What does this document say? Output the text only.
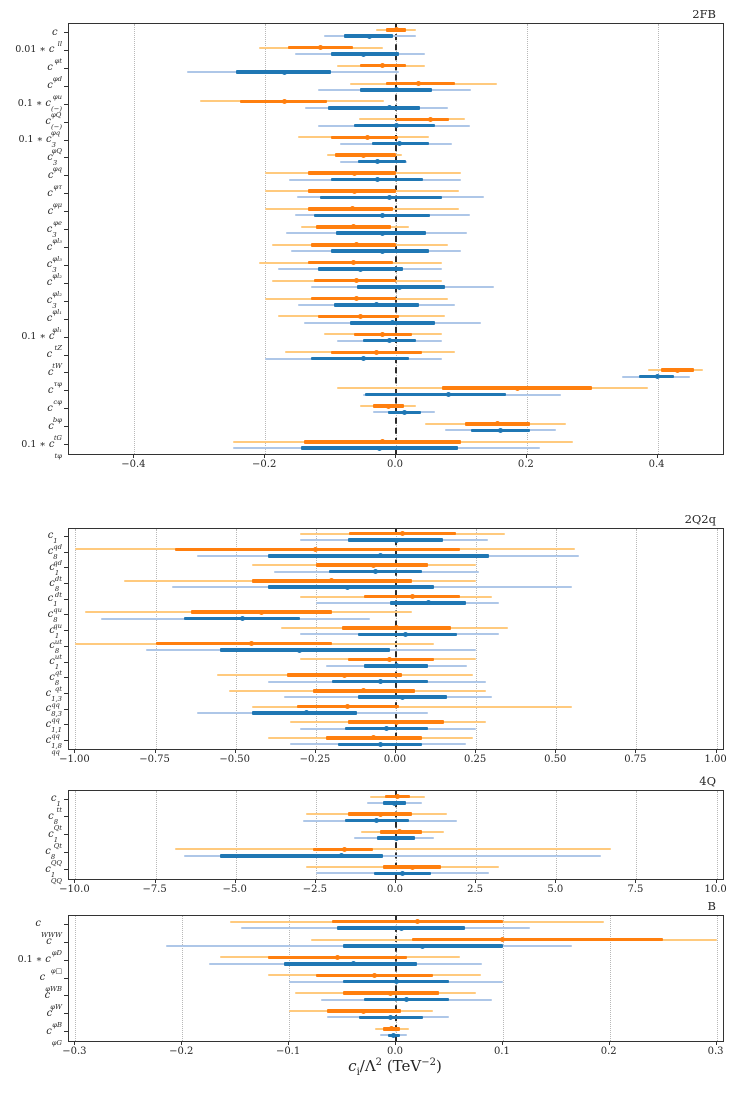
$c_i/\Lambda^2$ (TeV$^{-2}$)
2FB
−0.4	−0.2	0.0	0.2	0.4
c

ll
0.01 ∗ c

φt
c

φd
c

φu
0.1 ∗ c (−)
φQ
c (−)
φq
0.1 ∗ c 3
φQ
c 3
φq
c

φτ
c

φμ
c

φe
c 3
φl₃
c

φl₃
c 3
φl₂
c

φl₂
c 3
φl₁
c

φl₁
0.1 ∗ c

tZ
c

tW
c

τφ
c

cφ
c

bφ
c

tG
0.1 ∗ c

tφ
2Q2q
−1.00	−0.75	−0.50	−0.25	0.00	0.25	0.50	0.75	1.00
c 1
qd
c 8
qd
c 1
dt
c 8
dt
c 1
qu
c 8
qu
c 1
ut
c 8
ut
c 1
qt
c 8
qt
c 1,3
qq
c 8,3
qq
c 1,1
qq
c 1,8
qq
4Q
−10.0	−7.5	−5.0	−2.5	0.0	2.5	5.0	7.5	10.0
c 1
tt
c 8
Qt
c 1
Qt
c 8
QQ
c 1
QQ
B
−0.3	−0.2	−0.1	0.0	0.1	0.2	0.3
c

WWW
c

φD
0.1 ∗ c

φ□
c

φWB
c

φW
c

φB
c

φG
